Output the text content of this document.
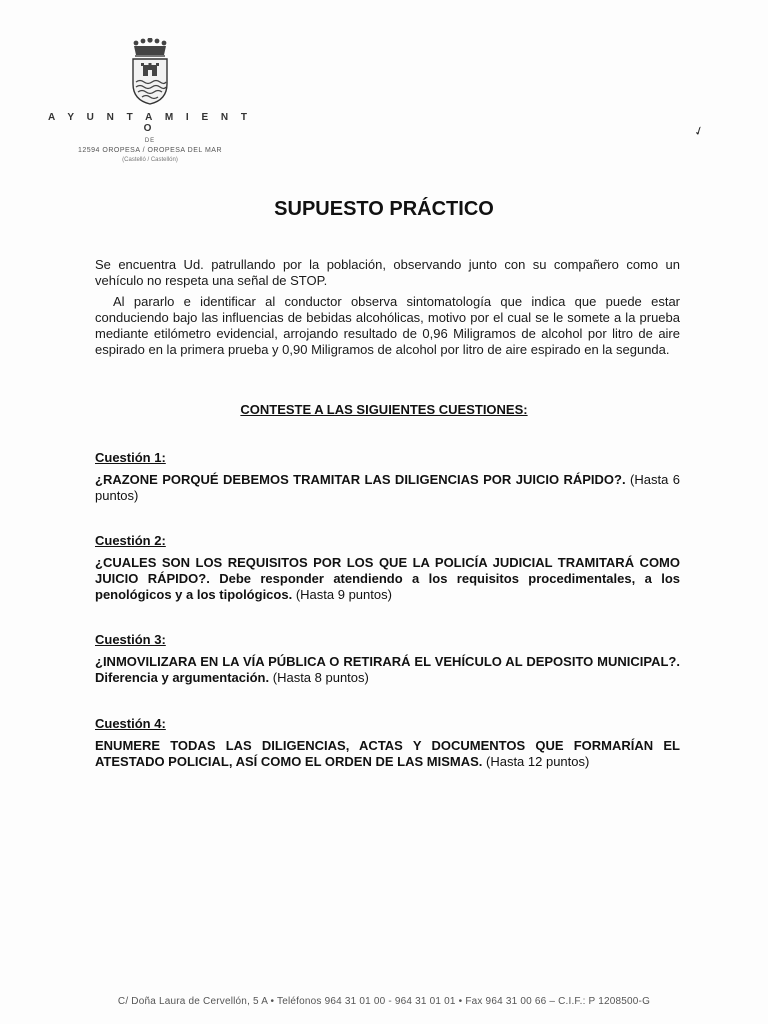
A Y U N T A M I E N T O
DE
12594 OROPESA / OROPESA DEL MAR
(Castelló / Castellón)
✓
SUPUESTO PRÁCTICO
Se encuentra Ud. patrullando por la población, observando junto con su compañero como un vehículo no respeta una señal de STOP.
Al pararlo e identificar al conductor observa sintomatología que indica que puede estar conduciendo bajo las influencias de bebidas alcohólicas, motivo por el cual se le somete a la prueba mediante etilómetro evidencial, arrojando resultado de 0,96 Miligramos de alcohol por litro de aire espirado en la primera prueba y 0,90 Miligramos de alcohol por litro de aire espirado en la segunda.
CONTESTE A LAS SIGUIENTES CUESTIONES:
Cuestión 1:
¿RAZONE PORQUÉ DEBEMOS TRAMITAR LAS DILIGENCIAS POR JUICIO RÁPIDO?. (Hasta 6 puntos)
Cuestión 2:
¿CUALES SON LOS REQUISITOS POR LOS QUE LA POLICÍA JUDICIAL TRAMITARÁ COMO JUICIO RÁPIDO?. Debe responder atendiendo a los requisitos procedimentales, a los penológicos y a los tipológicos. (Hasta 9 puntos)
Cuestión 3:
¿INMOVILIZARA EN LA VÍA PÚBLICA O RETIRARÁ EL VEHÍCULO AL DEPOSITO MUNICIPAL?. Diferencia y argumentación. (Hasta 8 puntos)
Cuestión 4:
ENUMERE TODAS LAS DILIGENCIAS, ACTAS Y DOCUMENTOS QUE FORMARÍAN EL ATESTADO POLICIAL, ASÍ COMO EL ORDEN DE LAS MISMAS. (Hasta 12 puntos)
C/ Doña Laura de Cervellón, 5 A • Teléfonos 964 31 01 00 - 964 31 01 01 • Fax 964 31 00 66 – C.I.F.: P 1208500-G
